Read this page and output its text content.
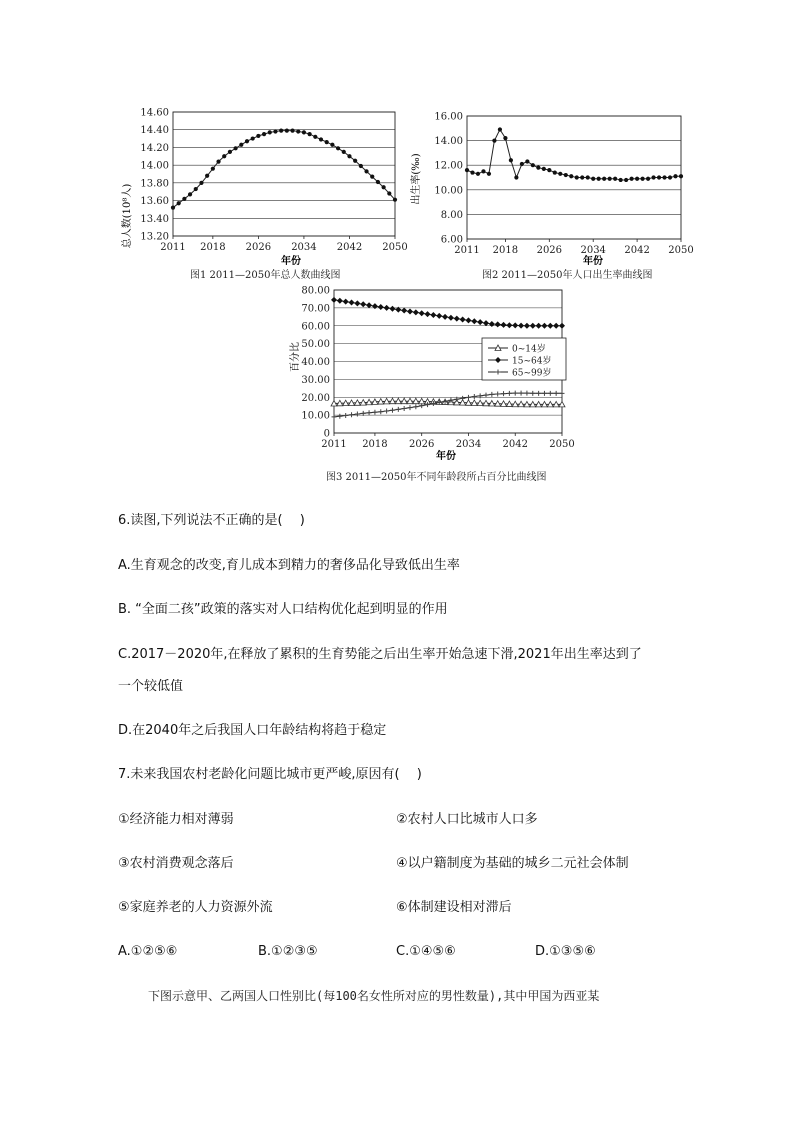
总人数(10⁸人)
年份
14.60
14.40
14.20
14.00
13.80
13.60
13.40
13.20
2011 2018 2026 2034 2042 2050
图1 2011—2050年总人数曲线图
出生率(‰)
年份
16.00
14.00
12.00
10.00
8.00
6.00
2011 2018 2026 2034 2042 2050
图2 2011—2050年人口出生率曲线图
百分比
年份
80.00
70.00
60.00
50.00
40.00
30.00
20.00
10.00
0
2011 2018 2026 2034 2042 2050
0~14岁
15~64岁
65~99岁
图3 2011—2050年不同年龄段所占百分比曲线图
6.读图,下列说法不正确的是(　 )
A.生育观念的改变,育儿成本到精力的奢侈品化导致低出生率
B. “全面二孩”政策的落实对人口结构优化起到明显的作用
C.2017－2020年,在释放了累积的生育势能之后出生率开始急速下滑,2021年出生率达到了
一个较低值
D.在2040年之后我国人口年龄结构将趋于稳定
7.未来我国农村老龄化问题比城市更严峻,原因有(　 )
①经济能力相对薄弱	②农村人口比城市人口多
③农村消费观念落后	④以户籍制度为基础的城乡二元社会体制
⑤家庭养老的人力资源外流	⑥体制建设相对滞后
A.①②⑤⑥	B.①②③⑤	C.①④⑤⑥	D.①③⑤⑥
下图示意甲、乙两国人口性别比(每100名女性所对应的男性数量),其中甲国为西亚某
